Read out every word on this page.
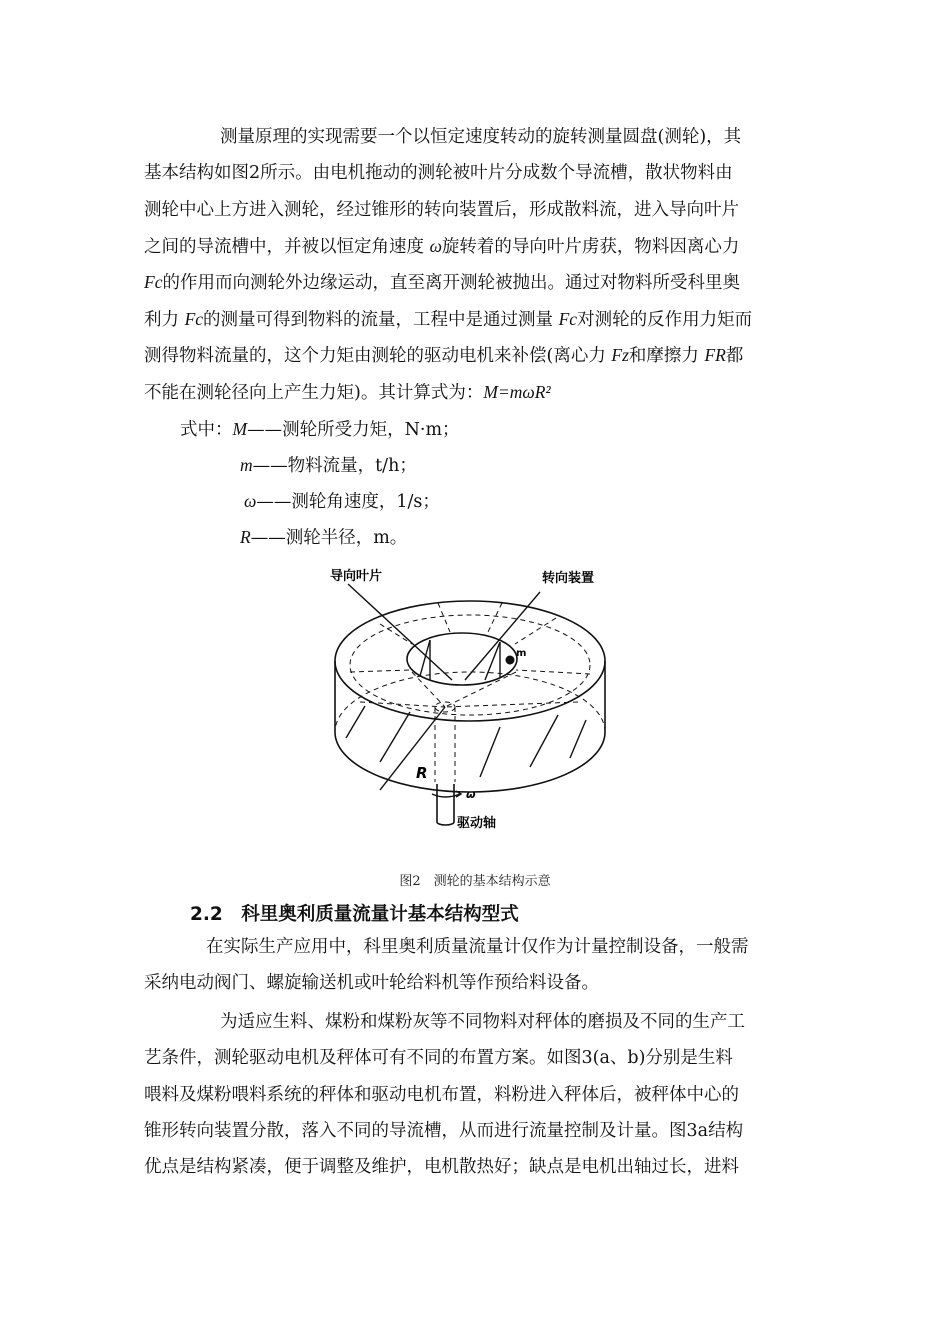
测量原理的实现需要一个以恒定速度转动的旋转测量圆盘(测轮)，其
基本结构如图2所示。由电机拖动的测轮被叶片分成数个导流槽，散状物料由
测轮中心上方进入测轮，经过锥形的转向装置后，形成散料流，进入导向叶片
之间的导流槽中，并被以恒定角速度 ω旋转着的导向叶片虏获，物料因离心力
Fc的作用而向测轮外边缘运动，直至离开测轮被抛出。通过对物料所受科里奥
利力 Fc的测量可得到物料的流量，工程中是通过测量 Fc对测轮的反作用力矩而
测得物料流量的，这个力矩由测轮的驱动电机来补偿(离心力 Fz和摩擦力 FR都
不能在测轮径向上产生力矩)。其计算式为：M=mωR²
式中：M——测轮所受力矩，N·m；
m——物料流量，t/h；
ω——测轮角速度，1/s；
R——测轮半径，m。
导向叶片	转向装置
m
R
ω
驱动轴
图2　测轮的基本结构示意
2.2　科里奥利质量流量计基本结构型式
在实际生产应用中，科里奥利质量流量计仅作为计量控制设备，一般需
采纳电动阀门、螺旋输送机或叶轮给料机等作预给料设备。
为适应生料、煤粉和煤粉灰等不同物料对秤体的磨损及不同的生产工
艺条件，测轮驱动电机及秤体可有不同的布置方案。如图3(a、b)分别是生料
喂料及煤粉喂料系统的秤体和驱动电机布置，料粉进入秤体后，被秤体中心的
锥形转向装置分散，落入不同的导流槽，从而进行流量控制及计量。图3a结构
优点是结构紧凑，便于调整及维护，电机散热好；缺点是电机出轴过长，进料
